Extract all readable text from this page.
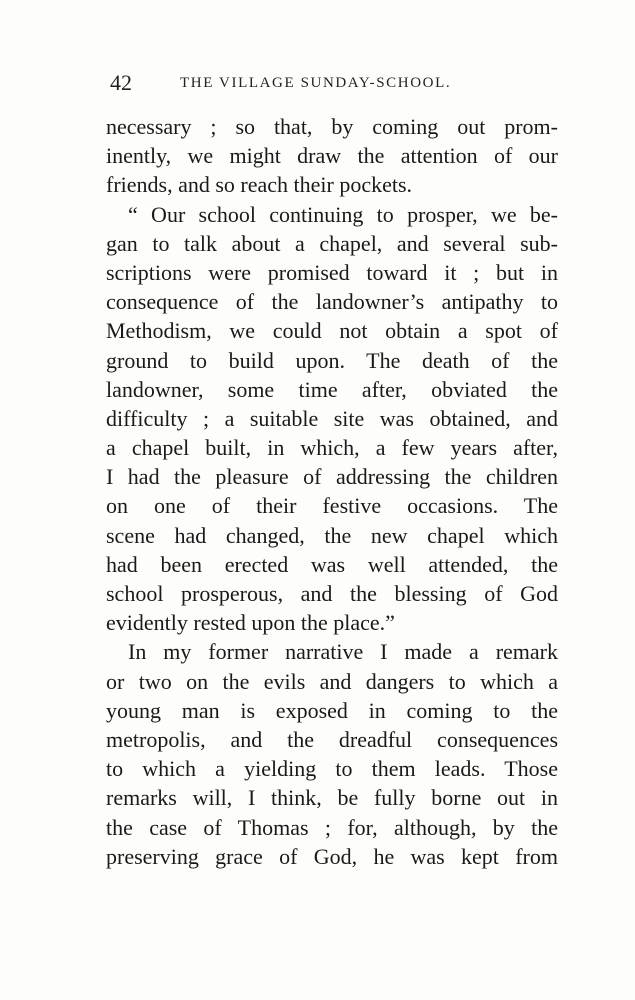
42	THE VILLAGE SUNDAY-SCHOOL.
necessary ; so that, by coming out prom-
inently, we might draw the attention of our
friends, and so reach their pockets.
“ Our school continuing to prosper, we be-
gan to talk about a chapel, and several sub-
scriptions were promised toward it ; but in
consequence of the landowner’s antipathy to
Methodism, we could not obtain a spot of
ground to build upon. The death of the
landowner, some time after, obviated the
difficulty ; a suitable site was obtained, and
a chapel built, in which, a few years after,
I had the pleasure of addressing the children
on one of their festive occasions. The
scene had changed, the new chapel which
had been erected was well attended, the
school prosperous, and the blessing of God
evidently rested upon the place.”
In my former narrative I made a remark
or two on the evils and dangers to which a
young man is exposed in coming to the
metropolis, and the dreadful consequences
to which a yielding to them leads. Those
remarks will, I think, be fully borne out in
the case of Thomas ; for, although, by the
preserving grace of God, he was kept from
